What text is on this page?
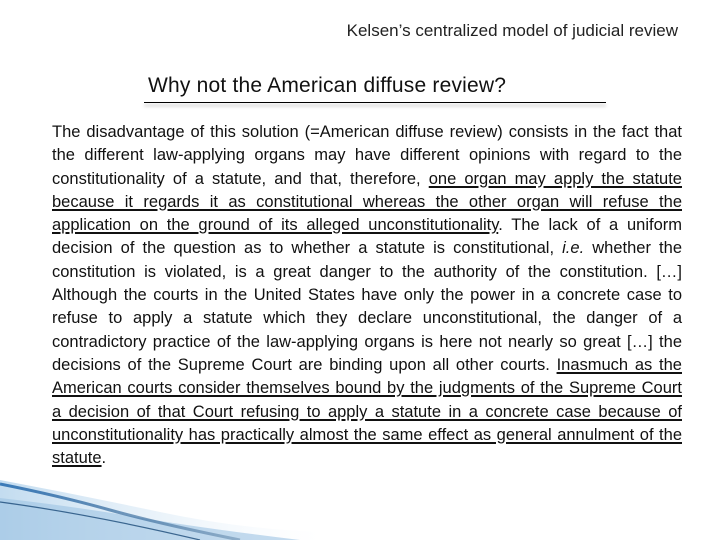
Kelsen’s centralized model of judicial review
Why not the American diffuse review?
The disadvantage of this solution (=American diffuse review) consists in the fact that the different law-applying organs may have different opinions with regard to the constitutionality of a statute, and that, therefore, one organ may apply the statute because it regards it as constitutional whereas the other organ will refuse the application on the ground of its alleged unconstitutionality. The lack of a uniform decision of the question as to whether a statute is constitutional, i.e. whether the constitution is violated, is a great danger to the authority of the constitution. […] Although the courts in the United States have only the power in a concrete case to refuse to apply a statute which they declare unconstitutional, the danger of a contradictory practice of the law-applying organs is here not nearly so great […] the decisions of the Supreme Court are binding upon all other courts. Inasmuch as the American courts consider themselves bound by the judgments of the Supreme Court a decision of that Court refusing to apply a statute in a concrete case because of unconstitutionality has practically almost the same effect as general annulment of the statute.
